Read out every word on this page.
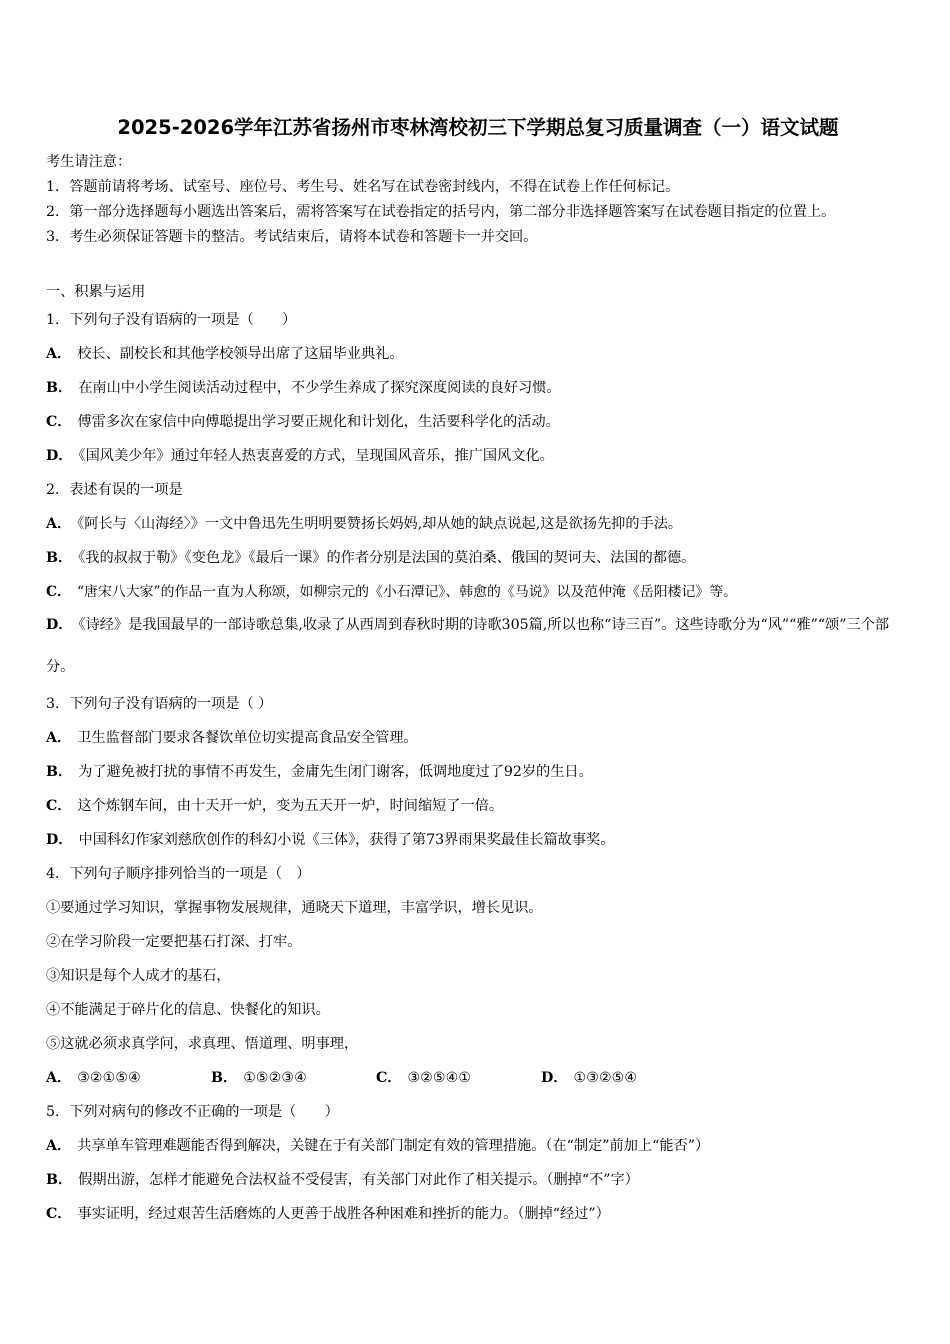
2025-2026学年江苏省扬州市枣林湾校初三下学期总复习质量调查（一）语文试题

考生请注意：

1．答题前请将考场、试室号、座位号、考生号、姓名写在试卷密封线内，不得在试卷上作任何标记。

2．第一部分选择题每小题选出答案后，需将答案写在试卷指定的括号内，第二部分非选择题答案写在试卷题目指定的位置上。

3．考生必须保证答题卡的整洁。考试结束后，请将本试卷和答题卡一并交回。

一、积累与运用
1．下列句子没有语病的一项是（　　）
A． 校长、副校长和其他学校领导出席了这届毕业典礼。
B． 在南山中小学生阅读活动过程中，不少学生养成了探究深度阅读的良好习惯。
C． 傅雷多次在家信中向傅聪提出学习要正规化和计划化，生活要科学化的活动。
D． 《国风美少年》通过年轻人热衷喜爱的方式，呈现国风音乐，推广国风文化。
2．表述有误的一项是
A． 《阿长与〈山海经〉》一文中鲁迅先生明明要赞扬长妈妈,却从她的缺点说起,这是欲扬先抑的手法。
B． 《我的叔叔于勒》《变色龙》《最后一课》的作者分别是法国的莫泊桑、俄国的契诃夫、法国的都德。
C． “唐宋八大家”的作品一直为人称颂，如柳宗元的《小石潭记》、韩愈的《马说》以及范仲淹《岳阳楼记》等。
D． 《诗经》是我国最早的一部诗歌总集,收录了从西周到春秋时期的诗歌305篇,所以也称“诗三百”。这些诗歌分为“风”“雅”“颂”三个部分。
3．下列句子没有语病的一项是（ ）
A． 卫生监督部门要求各餐饮单位切实提高食品安全管理。
B． 为了避免被打扰的事情不再发生，金庸先生闭门谢客，低调地度过了92岁的生日。
C． 这个炼钢车间，由十天开一炉，变为五天开一炉，时间缩短了一倍。
D． 中国科幻作家刘慈欣创作的科幻小说《三体》，获得了第73界雨果奖最佳长篇故事奖。
4．下列句子顺序排列恰当的一项是（　）
①要通过学习知识，掌握事物发展规律，通晓天下道理，丰富学识，增长见识。
②在学习阶段一定要把基石打深、打牢。
③知识是每个人成才的基石，
④不能满足于碎片化的信息、快餐化的知识。
⑤这就必须求真学问，求真理、悟道理、明事理，
A． ③②①⑤④	B． ①⑤②③④	C． ③②⑤④①	D． ①③②⑤④
5．下列对病句的修改不正确的一项是（　　）
A． 共享单车管理难题能否得到解决，关键在于有关部门制定有效的管理措施。（在“制定”前加上“能否”）
B． 假期出游，怎样才能避免合法权益不受侵害，有关部门对此作了相关提示。（删掉“不”字）
C． 事实证明，经过艰苦生活磨炼的人更善于战胜各种困难和挫折的能力。（删掉“经过”）
